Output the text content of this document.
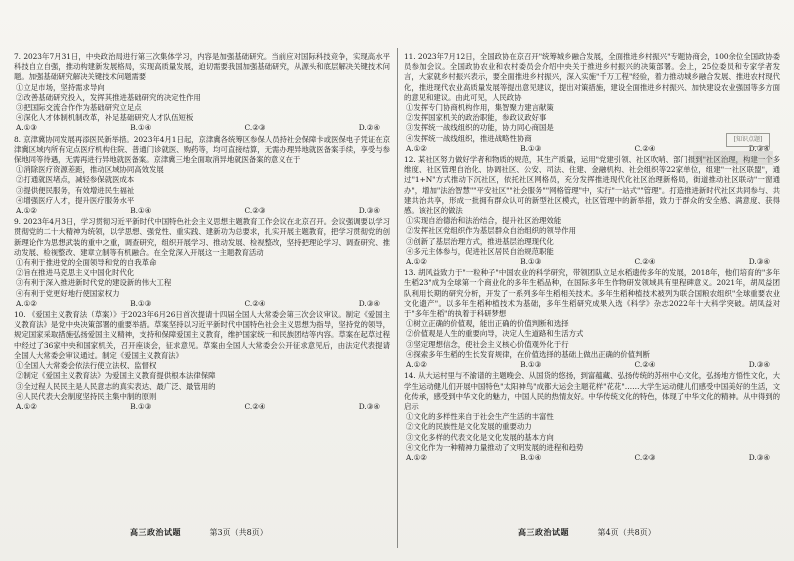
7. 2023年7月31日，中央政治局进行第三次集体学习，内容是加强基础研究。当前应对国际科技竞争，实现高水平科技自立自强，推动构建新发展格局，实现高质量发展，迫切需要我国加强基础研究，从源头和底层解决关键技术问题。加强基础研究解决关键技术问题需要

①立足市场，坚持需求导向
②改善基础研究投入，发挥其推进基础研究的决定性作用
③把国际交流合作作为基础研究立足点
④深化人才体制机制改革，补足基础研究人才队伍短板
A.①③	B.①④	C.②③	D.②④

8. 京津冀协同发展再添医民新举措。2023年4月1日起，京津冀各统筹区参保人员持社会保障卡或医保电子凭证在京津冀区域内所有定点医疗机构住院、普通门诊就医、购药等，均可直接结算，无需办理异地就医备案手续，享受与参保地同等待遇，无需再进行异地就医备案。京津冀三地全面取消异地就医备案的意义在于

①消除医疗资源差距，推动区域协同高效发展
②打通就医堵点，减轻参保就医成本
③提供便民服务，有效增进民生福祉
④增强医疗人才，提升医疗服务水平
A.①②	B.①④	C.②③	D.③④

9. 2023年4月3日，学习贯彻习近平新时代中国特色社会主义思想主题教育工作会议在北京召开。会议强调要以学习贯彻党的二十大精神为统领，以学思想、强党性、重实践、建新功为总要求，扎实开展主题教育，把学习贯彻党的创新理论作为思想武装的重中之重，调查研究，组织开展学习、推动发展、检视整改，坚持把理论学习、调查研究、推动发展、检视整改、建章立制等有机融合。在全党深入开展这一主题教育活动

①有利于推进党的全面领导和党的自我革命
②旨在推进马克思主义中国化时代化
③有利于深入推进新时代党的建设新的伟大工程
④有利于党更好地行使国家权力
A.①②	B.①③	C.②④	D.③④

10. 《爱国主义教育法（草案）》于2023年6月26日首次提请十四届全国人大常委会第三次会议审议。制定《爱国主义教育法》是党中央决策部署的重要举措。草案坚持以习近平新时代中国特色社会主义思想为指导，坚持党的领导，规定国家采取措施弘扬爱国主义精神，支持和保障爱国主义教育，维护国家统一和民族团结等内容。草案在起草过程中经过了36家中央和国家机关，召开座谈会，征求意见。草案由全国人大常委会公开征求意见后，由法定代表提请全国人大常委会审议通过。制定《爱国主义教育法》

①全国人大常委会依法行使立法权、监督权
②制定《爱国主义教育法》为爱国主义教育提供根本法律保障
③全过程人民民主是人民意志的真实表达、最广泛、最管用的
④人民代表大会制度坚持民主集中制的原则
A.①②	B.①③	C.②④	D.③④

11. 2023年7月12日，全国政协在京召开"统筹城乡融合发展，全面推进乡村振兴"专题协商会，100余位全国政协委员参加会议。全国政协农业和农村委员会介绍中央关于推进乡村振兴的决策部署。会上，25位委员和专家学者发言，大家就乡村振兴表示，要全面推进乡村振兴，深入实施"千万工程"经验，着力推动城乡融合发展、推进农村现代化，推进现代农业高质量发展等提出意见建议，提出对策措施，建设全面推进乡村振兴、加快建设农业强国等多方面的意见和建议。由此可见，人民政协

①发挥专门协商机构作用，集智聚力建言献策
②发挥国家机关的政治职能，参政议政好事
③发挥统一战线组织的功能，协力同心商国是
④发挥统一战线组织，推进战略性协商
A.①②	B.①③	C.②④	D.③④

12. 某社区努力做好学者和物质的规范，其生产质量，运用"党建引领、社区吹哨、部门报到"社区治理，构建一个多维度、社区管理自治化、协调社区、公安、司法、住建、金融机构、社会组织等22家单位，组建"一社区联盟"，通过"1+N"方式推动下沉社区，依托社区网格员，充分发挥推进现代化社区治理新格局，街道推动社区联动"一窗通办"，增加"法治智慧""平安社区""社会服务""网格管理"中，实行"一站式""管理"。打造推进新时代社区共同参与、共建共治共享，形成一批拥有群众认可的新型社区模式，社区管理中的新举措，致力于群众的安全感、满意度、获得感。该社区的做法

①实现自治德治和法治结合，提升社区治理效能
②发挥社区党组织作为基层群众自治组织的领导作用
③创新了基层治理方式，推进基层治理现代化
④多元主体参与，促进社区居民自治规范职能
A.①②	B.①③	C.②④	D.③④

13. 胡风益致力于"一粒种子"中国农业的科学研究，带领团队立足水稻遗传多年的发展，2018年，他们培育的"多年生稻23"成为全球第一个商业化的多年生稻品种，在国际多年生作物研发领域具有里程碑意义。2021年，胡凤益团队利用长期的研究分析，开发了一系列多年生稻相关技术。多年生稻种植技术被列为联合国粮农组织"全球重要农业文化遗产"。以多年生稻种植技术为基础，多年生稻研究成果入选《科学》杂志2022年十大科学突破。胡凤益对于"多年生稻"的执着于科研梦想

①树立正确的价值观，能出正确的价值判断和选择
②价值观是人生的重要向导，决定人生道路和生活方式
③坚定理想信念，使社会主义核心价值观外化于行
④探索多年生稻的生长发育规律，在价值选择的基础上做出正确的价值判断
A.①②	B.①③	C.②④	D.③④

14. 从大运村里与不渝谱的主题晚会、从国货的悠扬，到富蕴藏、弘扬传统的苏州中心文化，弘扬地方悟性文化，大学生运动健儿们开展中国特色"太阳神鸟"成都大运会主题花样"花花"……大学生运动健儿们感受中国美好的生活，文化传承，感受到中华文化的魅力，中国人民的热情友好。中华传统文化的特色，体现了中华文化的精神。从中得到的启示

①文化的多样性来自于社会生产生活的丰富性
②文化的民族性是文化发展的重要动力
③文化多样的代表文化是文化发展的基本方向
④文化作为一种精神力量推动了文明发展的进程和趋势
A.①②	B.①④	C.②③	D.③④
[知识点题]
高三政治试题	第3页（共8页）	高三政治试题	第4页（共8页）
